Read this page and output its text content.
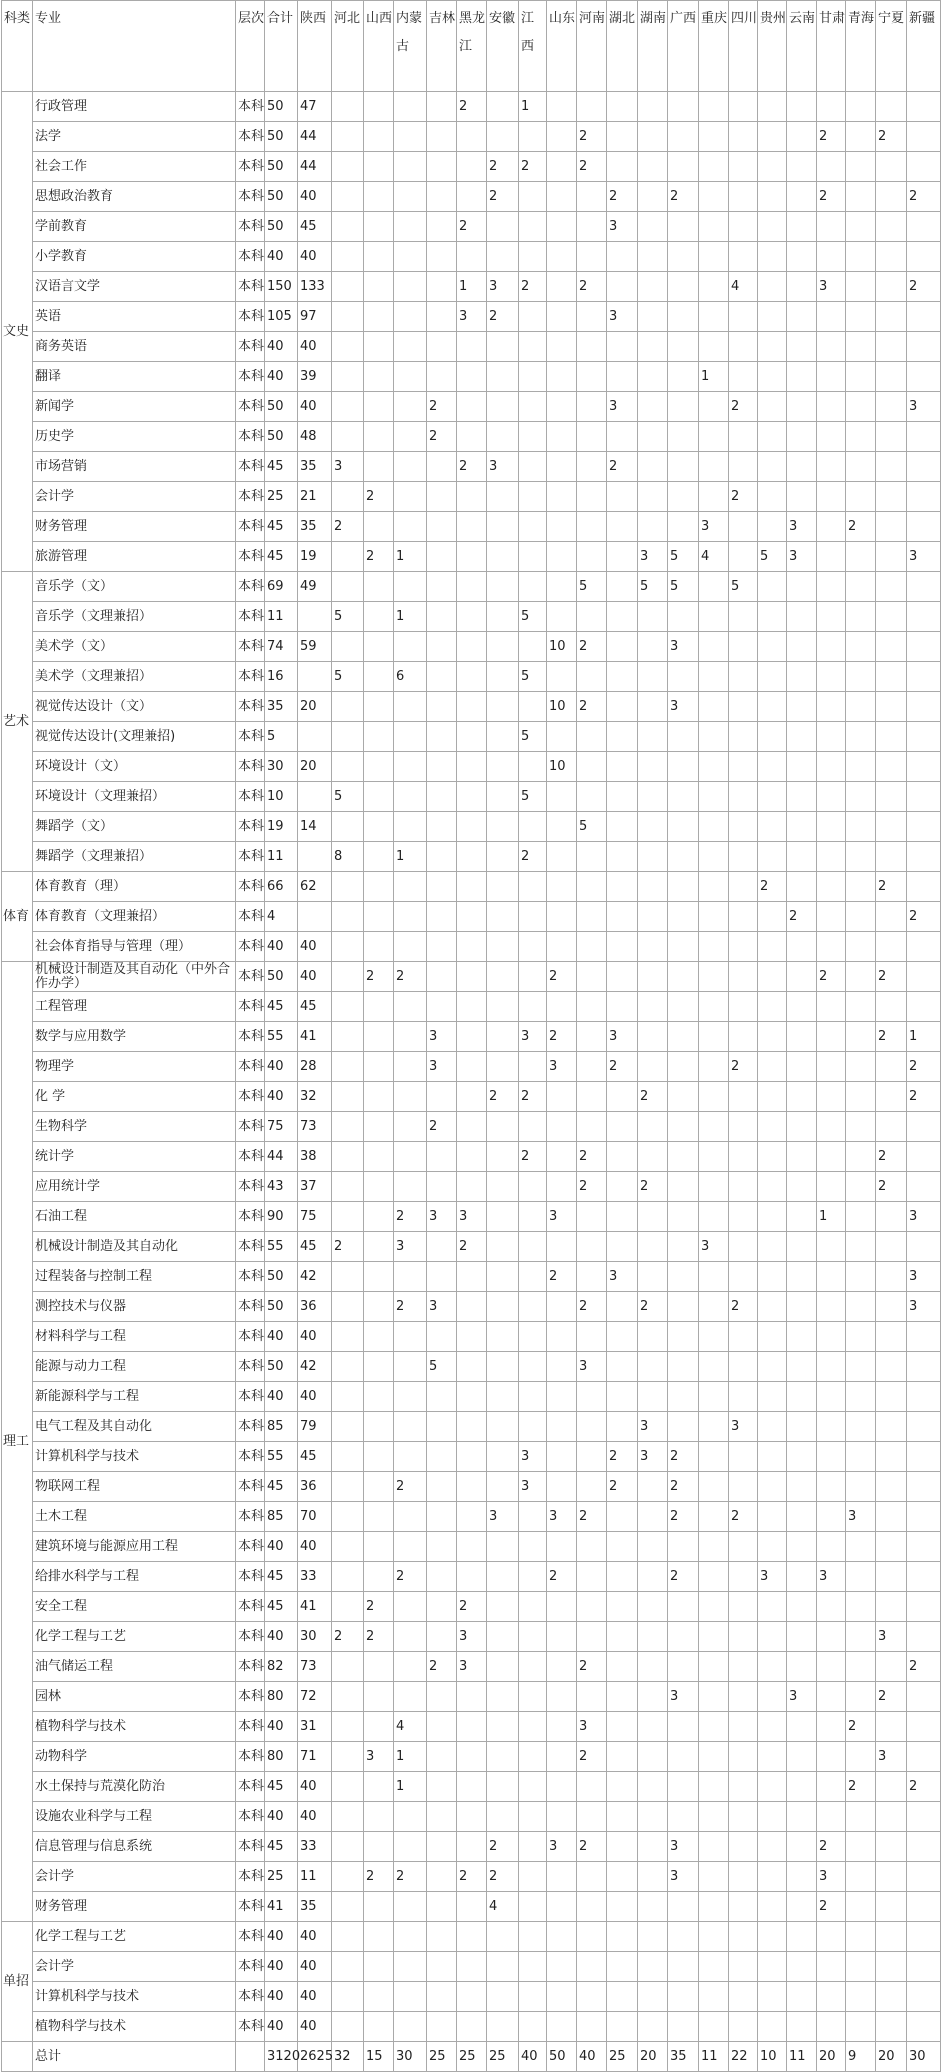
科类	专业	层次	合计	陕西	河北	山西	内蒙古	吉林	黑龙江	安徽	江西	山东	河南	湖北	湖南	广西	重庆	四川	贵州	云南	甘肃	青海	宁夏	新疆

文史	行政管理	本科	50	47					2		1													
	法学	本科	50	44									2								2		2	
	社会工作	本科	50	44						2	2		2											
	思想政治教育	本科	50	40						2				2		2					2			2
	学前教育	本科	50	45					2					3										
	小学教育	本科	40	40																				
	汉语言文学	本科	150	133					1	3	2		2					4			3			2
	英语	本科	105	97					3	2				3										
	商务英语	本科	40	40																				
	翻译	本科	40	39													1							
	新闻学	本科	50	40				2						3				2						3
	历史学	本科	50	48				2																
	市场营销	本科	45	35	3				2	3				2										
	会计学	本科	25	21		2												2						
	财务管理	本科	45	35	2												3			3		2		
	旅游管理	本科	45	19		2	1								3	5	4		5	3				3
艺术	音乐学（文）	本科	69	49									5		5	5		5						
	音乐学（文理兼招）	本科	11		5		1				5													
	美术学（文）	本科	74	59								10	2			3								
	美术学（文理兼招）	本科	16		5		6				5													
	视觉传达设计（文）	本科	35	20								10	2			3								
	视觉传达设计(文理兼招)	本科	5								5													
	环境设计（文）	本科	30	20								10												
	环境设计（文理兼招）	本科	10		5						5													
	舞蹈学（文）	本科	19	14									5											
	舞蹈学（文理兼招）	本科	11		8		1				2													
体育	体育教育（理）	本科	66	62															2				2	
	体育教育（文理兼招）	本科	4																	2				2
	社会体育指导与管理（理）	本科	40	40																				
理工	机械设计制造及其自动化（中外合作办学）	本科	50	40		2	2					2									2		2	
	工程管理	本科	45	45																				
	数学与应用数学	本科	55	41				3			3	2		3									2	1
	物理学	本科	40	28				3				3		2				2						2
	化 学	本科	40	32						2	2				2									2
	生物科学	本科	75	73				2																
	统计学	本科	44	38							2		2										2	
	应用统计学	本科	43	37									2		2								2	
	石油工程	本科	90	75			2	3	3			3									1			3
	机械设计制造及其自动化	本科	55	45	2		3		2								3							
	过程装备与控制工程	本科	50	42								2		3										3
	测控技术与仪器	本科	50	36			2	3					2		2			2						3
	材料科学与工程	本科	40	40																				
	能源与动力工程	本科	50	42				5					3											
	新能源科学与工程	本科	40	40																				
	电气工程及其自动化	本科	85	79											3			3						
	计算机科学与技术	本科	55	45							3			2	3	2								
	物联网工程	本科	45	36			2				3			2		2								
	土木工程	本科	85	70						3		3	2			2		2				3		
	建筑环境与能源应用工程	本科	40	40																				
	给排水科学与工程	本科	45	33			2					2				2			3		3			
	安全工程	本科	45	41		2			2															
	化学工程与工艺	本科	40	30	2	2			3														3	
	油气储运工程	本科	82	73				2	3				2											2
	园林	本科	80	72												3				3			2	
	植物科学与技术	本科	40	31			4						3									2		
	动物科学	本科	80	71		3	1						2										3	
	水土保持与荒漠化防治	本科	45	40			1															2		2
	设施农业科学与工程	本科	40	40																				
	信息管理与信息系统	本科	45	33						2		3	2			3					2			
	会计学	本科	25	11		2	2		2	2						3					3			
	财务管理	本科	41	35						4											2			
单招	化学工程与工艺	本科	40	40																				
	会计学	本科	40	40																				
	计算机科学与技术	本科	40	40																				
	植物科学与技术	本科	40	40																				
	总计		3120	2625	32	15	30	25	25	25	40	50	40	25	20	35	11	22	10	11	20	9	20	30
